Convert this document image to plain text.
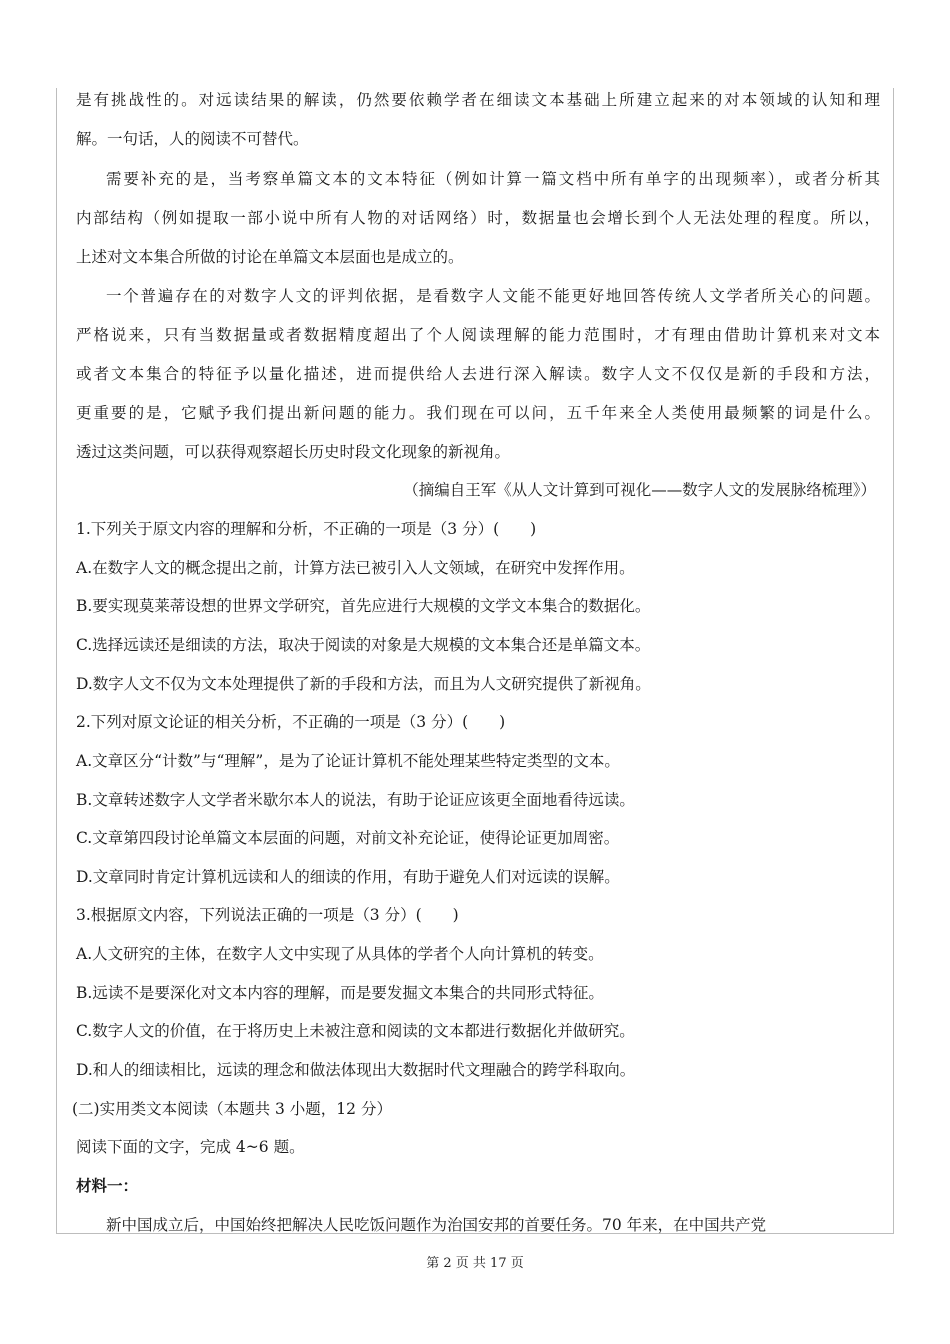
是有挑战性的。对远读结果的解读，仍然要依赖学者在细读文本基础上所建立起来的对本领域的认知和理
解。一句话，人的阅读不可替代。
需要补充的是，当考察单篇文本的文本特征（例如计算一篇文档中所有单字的出现频率），或者分析其
内部结构（例如提取一部小说中所有人物的对话网络）时，数据量也会增长到个人无法处理的程度。所以，
上述对文本集合所做的讨论在单篇文本层面也是成立的。
一个普遍存在的对数字人文的评判依据，是看数字人文能不能更好地回答传统人文学者所关心的问题。
严格说来，只有当数据量或者数据精度超出了个人阅读理解的能力范围时，才有理由借助计算机来对文本
或者文本集合的特征予以量化描述，进而提供给人去进行深入解读。数字人文不仅仅是新的手段和方法，
更重要的是，它赋予我们提出新问题的能力。我们现在可以问，五千年来全人类使用最频繁的词是什么。
透过这类问题，可以获得观察超长历史时段文化现象的新视角。
（摘编自王军《从人文计算到可视化——数字人文的发展脉络梳理》）
1.下列关于原文内容的理解和分析，不正确的一项是（3 分）(　　)
A.在数字人文的概念提出之前，计算方法已被引入人文领域，在研究中发挥作用。
B.要实现莫莱蒂设想的世界文学研究，首先应进行大规模的文学文本集合的数据化。
C.选择远读还是细读的方法，取决于阅读的对象是大规模的文本集合还是单篇文本。
D.数字人文不仅为文本处理提供了新的手段和方法，而且为人文研究提供了新视角。
2.下列对原文论证的相关分析，不正确的一项是（3 分）(　　)
A.文章区分“计数”与“理解”，是为了论证计算机不能处理某些特定类型的文本。
B.文章转述数字人文学者米歇尔本人的说法，有助于论证应该更全面地看待远读。
C.文章第四段讨论单篇文本层面的问题，对前文补充论证，使得论证更加周密。
D.文章同时肯定计算机远读和人的细读的作用，有助于避免人们对远读的误解。
3.根据原文内容，下列说法正确的一项是（3 分）(　　)
A.人文研究的主体，在数字人文中实现了从具体的学者个人向计算机的转变。
B.远读不是要深化对文本内容的理解，而是要发掘文本集合的共同形式特征。
C.数字人文的价值，在于将历史上未被注意和阅读的文本都进行数据化并做研究。
D.和人的细读相比，远读的理念和做法体现出大数据时代文理融合的跨学科取向。
(二)实用类文本阅读（本题共 3 小题，12 分）
阅读下面的文字，完成 4~6 题。
材料一：
新中国成立后，中国始终把解决人民吃饭问题作为治国安邦的首要任务。70 年来，在中国共产党
第 2 页 共 17 页
